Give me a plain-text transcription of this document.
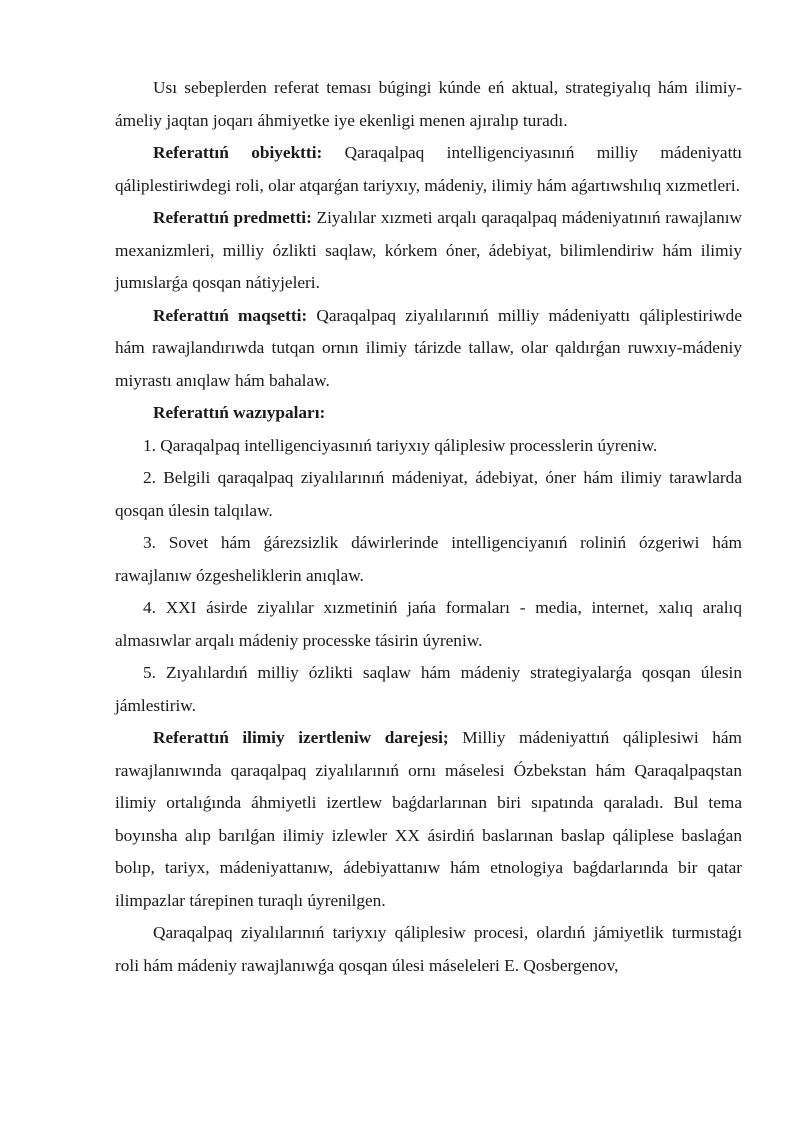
Usı sebeplerden referat teması búgingi kúnde eń aktual, strategiyalıq hám ilimiy-ámeliy jaqtan joqarı áhmiyetke iye ekenligi menen ajıralıp turadı.

Referattıń obiyektti: Qaraqalpaq intelligenciyasınıń milliy mádeniyattı qáliplestiriwdegi roli, olar atqarǵan tariyxıy, mádeniy, ilimiy hám aǵartıwshılıq xızmetleri.

Referattıń predmetti: Ziyalılar xızmeti arqalı qaraqalpaq mádeniyatınıń rawajlanıw mexanizmleri, milliy ózlikti saqlaw, kórkem óner, ádebiyat, bilimlendiriw hám ilimiy jumıslarǵa qosqan nátiyjeleri.

Referattıń maqsetti: Qaraqalpaq ziyalılarınıń milliy mádeniyattı qáliplestiriwde hám rawajlandırıwda tutqan ornın ilimiy tárizde tallaw, olar qaldırǵan ruwxıy-mádeniy miyrastı anıqlaw hám bahalaw.

Referattıń wazıypaları:

1. Qaraqalpaq intelligenciyasınıń tariyxıy qáliplesiw processlerin úyreniw.

2. Belgili qaraqalpaq ziyalılarınıń mádeniyat, ádebiyat, óner hám ilimiy tarawlarda qosqan úlesin talqılaw.

3. Sovet hám ǵárezsizlik dáwirlerinde intelligenciyanıń roliniń ózgeriwi hám rawajlanıw ózgesheliklerin anıqlaw.

4. XXI ásirde ziyalılar xızmetiniń jańa formaları - media, internet, xalıq aralıq almasıwlar arqalı mádeniy processke tásirin úyreniw.

5. Zıyalılardıń milliy ózlikti saqlaw hám mádeniy strategiyalarǵa qosqan úlesin jámlestiriw.

Referattıń ilimiy izertleniw darejesi; Milliy mádeniyattıń qáliplesiwi hám rawajlanıwında qaraqalpaq ziyalılarınıń ornı máselesi Ózbekstan hám Qaraqalpaqstan ilimiy ortalıǵında áhmiyetli izertlew baǵdarlarınan biri sıpatında qaraladı. Bul tema boyınsha alıp barılǵan ilimiy izlewler XX ásirdiń baslarınan baslap qáliplese baslaǵan bolıp, tariyx, mádeniyattanıw, ádebiyattanıw hám etnologiya baǵdarlarında bir qatar ilimpazlar tárepinen turaqlı úyrenilgen.

Qaraqalpaq ziyalılarınıń tariyxıy qáliplesiw procesi, olardıń jámiyetlik turmıstaǵı roli hám mádeniy rawajlanıwǵa qosqan úlesi máseleleri E. Qosbergenov,
